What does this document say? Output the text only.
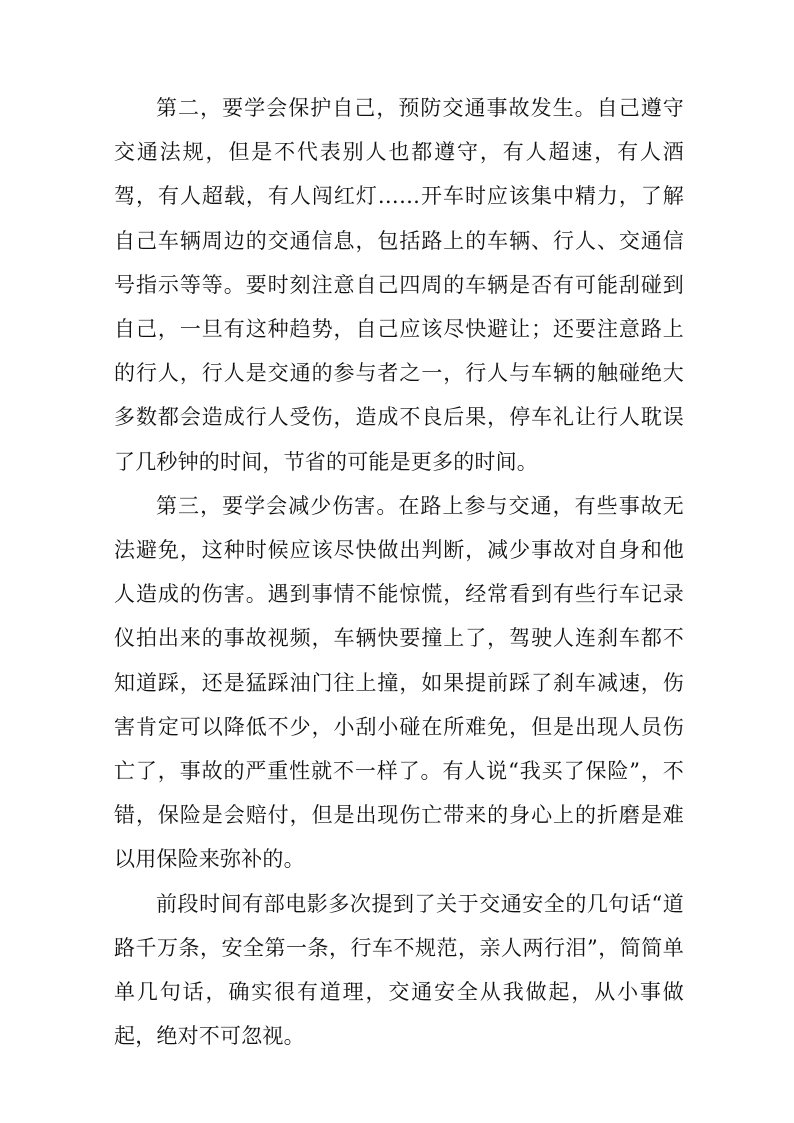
第二，要学会保护自己，预防交通事故发生。自己遵守交通法规，但是不代表别人也都遵守，有人超速，有人酒驾，有人超载，有人闯红灯……开车时应该集中精力，了解自己车辆周边的交通信息，包括路上的车辆、行人、交通信号指示等等。要时刻注意自己四周的车辆是否有可能刮碰到自己，一旦有这种趋势，自己应该尽快避让；还要注意路上的行人，行人是交通的参与者之一，行人与车辆的触碰绝大多数都会造成行人受伤，造成不良后果，停车礼让行人耽误了几秒钟的时间，节省的可能是更多的时间。

第三，要学会减少伤害。在路上参与交通，有些事故无法避免，这种时候应该尽快做出判断，减少事故对自身和他人造成的伤害。遇到事情不能惊慌，经常看到有些行车记录仪拍出来的事故视频，车辆快要撞上了，驾驶人连刹车都不知道踩，还是猛踩油门往上撞，如果提前踩了刹车减速，伤害肯定可以降低不少，小刮小碰在所难免，但是出现人员伤亡了，事故的严重性就不一样了。有人说“我买了保险”，不错，保险是会赔付，但是出现伤亡带来的身心上的折磨是难以用保险来弥补的。

前段时间有部电影多次提到了关于交通安全的几句话“道路千万条，安全第一条，行车不规范，亲人两行泪”，简简单单几句话，确实很有道理，交通安全从我做起，从小事做起，绝对不可忽视。
